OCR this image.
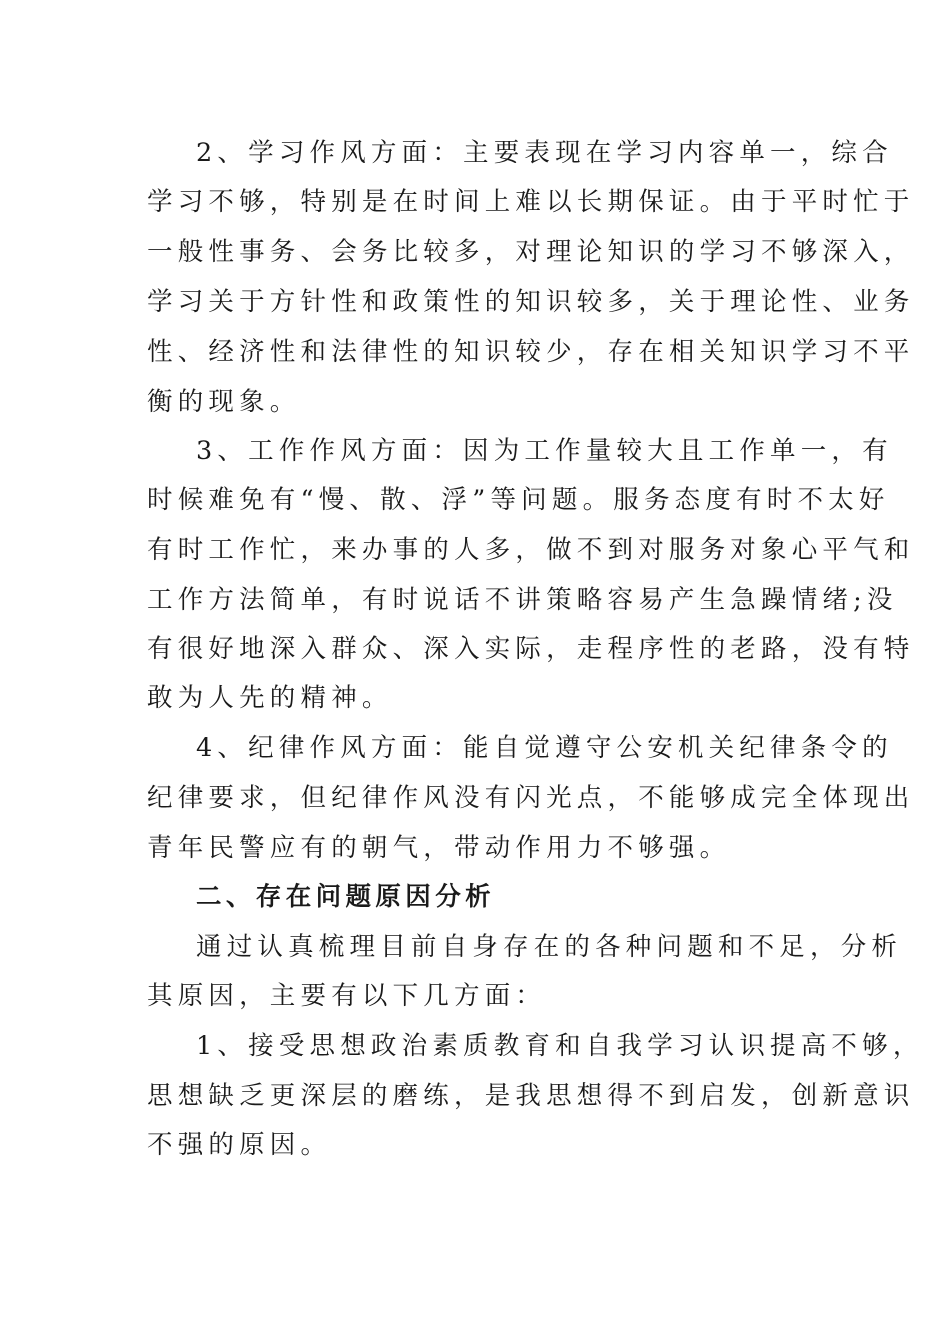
2、学习作风方面：主要表现在学习内容单一，综合
学习不够，特别是在时间上难以长期保证。由于平时忙于
一般性事务、会务比较多，对理论知识的学习不够深入，
学习关于方针性和政策性的知识较多，关于理论性、业务
性、经济性和法律性的知识较少，存在相关知识学习不平
衡的现象。
3、工作作风方面：因为工作量较大且工作单一，有
时候难免有“慢、散、浮”等问题。服务态度有时不太好
有时工作忙，来办事的人多，做不到对服务对象心平气和
工作方法简单，有时说话不讲策略容易产生急躁情绪;没
有很好地深入群众、深入实际，走程序性的老路，没有特
敢为人先的精神。
4、纪律作风方面：能自觉遵守公安机关纪律条令的
纪律要求，但纪律作风没有闪光点，不能够成完全体现出
青年民警应有的朝气，带动作用力不够强。
二、存在问题原因分析
通过认真梳理目前自身存在的各种问题和不足，分析
其原因，主要有以下几方面：
1、接受思想政治素质教育和自我学习认识提高不够，
思想缺乏更深层的磨练，是我思想得不到启发，创新意识
不强的原因。
